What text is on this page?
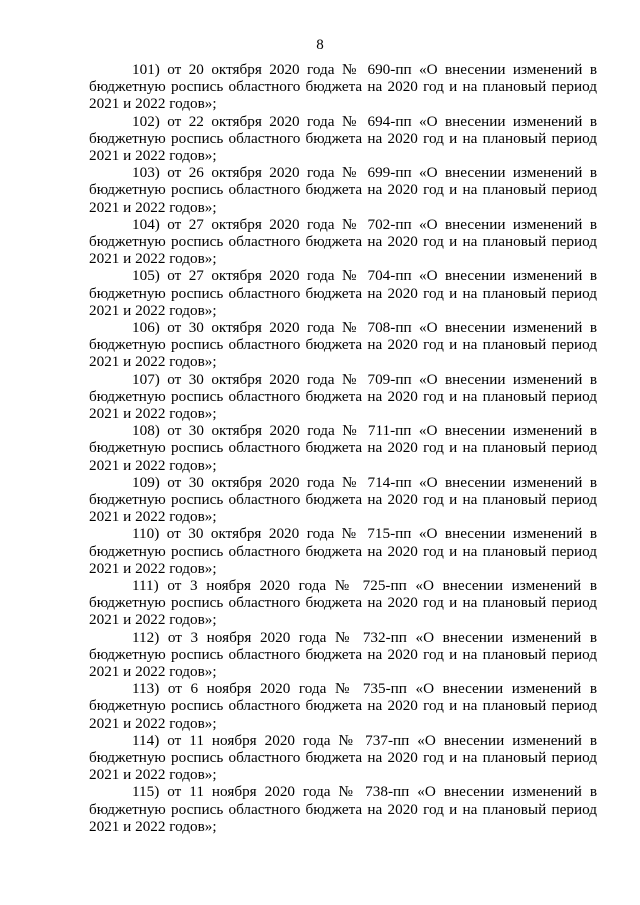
8
101) от 20 октября 2020 года № 690-пп «О внесении изменений в
бюджетную роспись областного бюджета на 2020 год и на плановый период
2021 и 2022 годов»;
102) от 22 октября 2020 года № 694-пп «О внесении изменений в
бюджетную роспись областного бюджета на 2020 год и на плановый период
2021 и 2022 годов»;
103) от 26 октября 2020 года № 699-пп «О внесении изменений в
бюджетную роспись областного бюджета на 2020 год и на плановый период
2021 и 2022 годов»;
104) от 27 октября 2020 года № 702-пп «О внесении изменений в
бюджетную роспись областного бюджета на 2020 год и на плановый период
2021 и 2022 годов»;
105) от 27 октября 2020 года № 704-пп «О внесении изменений в
бюджетную роспись областного бюджета на 2020 год и на плановый период
2021 и 2022 годов»;
106) от 30 октября 2020 года № 708-пп «О внесении изменений в
бюджетную роспись областного бюджета на 2020 год и на плановый период
2021 и 2022 годов»;
107) от 30 октября 2020 года № 709-пп «О внесении изменений в
бюджетную роспись областного бюджета на 2020 год и на плановый период
2021 и 2022 годов»;
108) от 30 октября 2020 года № 711-пп «О внесении изменений в
бюджетную роспись областного бюджета на 2020 год и на плановый период
2021 и 2022 годов»;
109) от 30 октября 2020 года № 714-пп «О внесении изменений в
бюджетную роспись областного бюджета на 2020 год и на плановый период
2021 и 2022 годов»;
110) от 30 октября 2020 года № 715-пп «О внесении изменений в
бюджетную роспись областного бюджета на 2020 год и на плановый период
2021 и 2022 годов»;
111) от 3 ноября 2020 года № 725-пп «О внесении изменений в
бюджетную роспись областного бюджета на 2020 год и на плановый период
2021 и 2022 годов»;
112) от 3 ноября 2020 года № 732-пп «О внесении изменений в
бюджетную роспись областного бюджета на 2020 год и на плановый период
2021 и 2022 годов»;
113) от 6 ноября 2020 года № 735-пп «О внесении изменений в
бюджетную роспись областного бюджета на 2020 год и на плановый период
2021 и 2022 годов»;
114) от 11 ноября 2020 года № 737-пп «О внесении изменений в
бюджетную роспись областного бюджета на 2020 год и на плановый период
2021 и 2022 годов»;
115) от 11 ноября 2020 года № 738-пп «О внесении изменений в
бюджетную роспись областного бюджета на 2020 год и на плановый период
2021 и 2022 годов»;
